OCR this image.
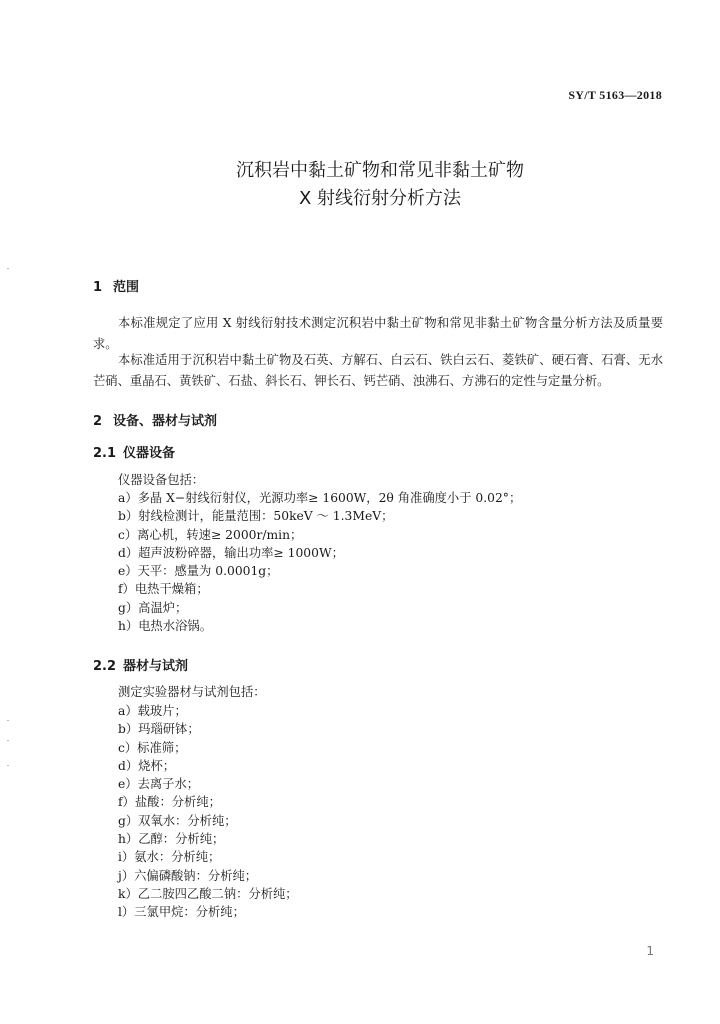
SY/T 5163—2018
沉积岩中黏土矿物和常见非黏土矿物
X 射线衍射分析方法
1 范围

本标准规定了应用 X 射线衍射技术测定沉积岩中黏土矿物和常见非黏土矿物含量分析方法及质量要求。

本标准适用于沉积岩中黏土矿物及石英、方解石、白云石、铁白云石、菱铁矿、硬石膏、石膏、无水芒硝、重晶石、黄铁矿、石盐、斜长石、钾长石、钙芒硝、浊沸石、方沸石的定性与定量分析。

2 设备、器材与试剂
2.1 仪器设备

仪器设备包括：

a）多晶 X−射线衍射仪，光源功率≥ 1600W，2θ 角准确度小于 0.02°；
b）射线检测计，能量范围：50keV ～ 1.3MeV；
c）离心机，转速≥ 2000r/min；
d）超声波粉碎器，输出功率≥ 1000W；
e）天平：感量为 0.0001g；
f）电热干燥箱；
g）高温炉；
h）电热水浴锅。
2.2 器材与试剂

测定实验器材与试剂包括：

a）载玻片；
b）玛瑙研钵；
c）标准筛；
d）烧杯；
e）去离子水；
f）盐酸：分析纯；
g）双氧水：分析纯；
h）乙醇：分析纯；
i）氨水：分析纯；
j）六偏磷酸钠：分析纯；
k）乙二胺四乙酸二钠：分析纯；
l）三氯甲烷：分析纯；
1
